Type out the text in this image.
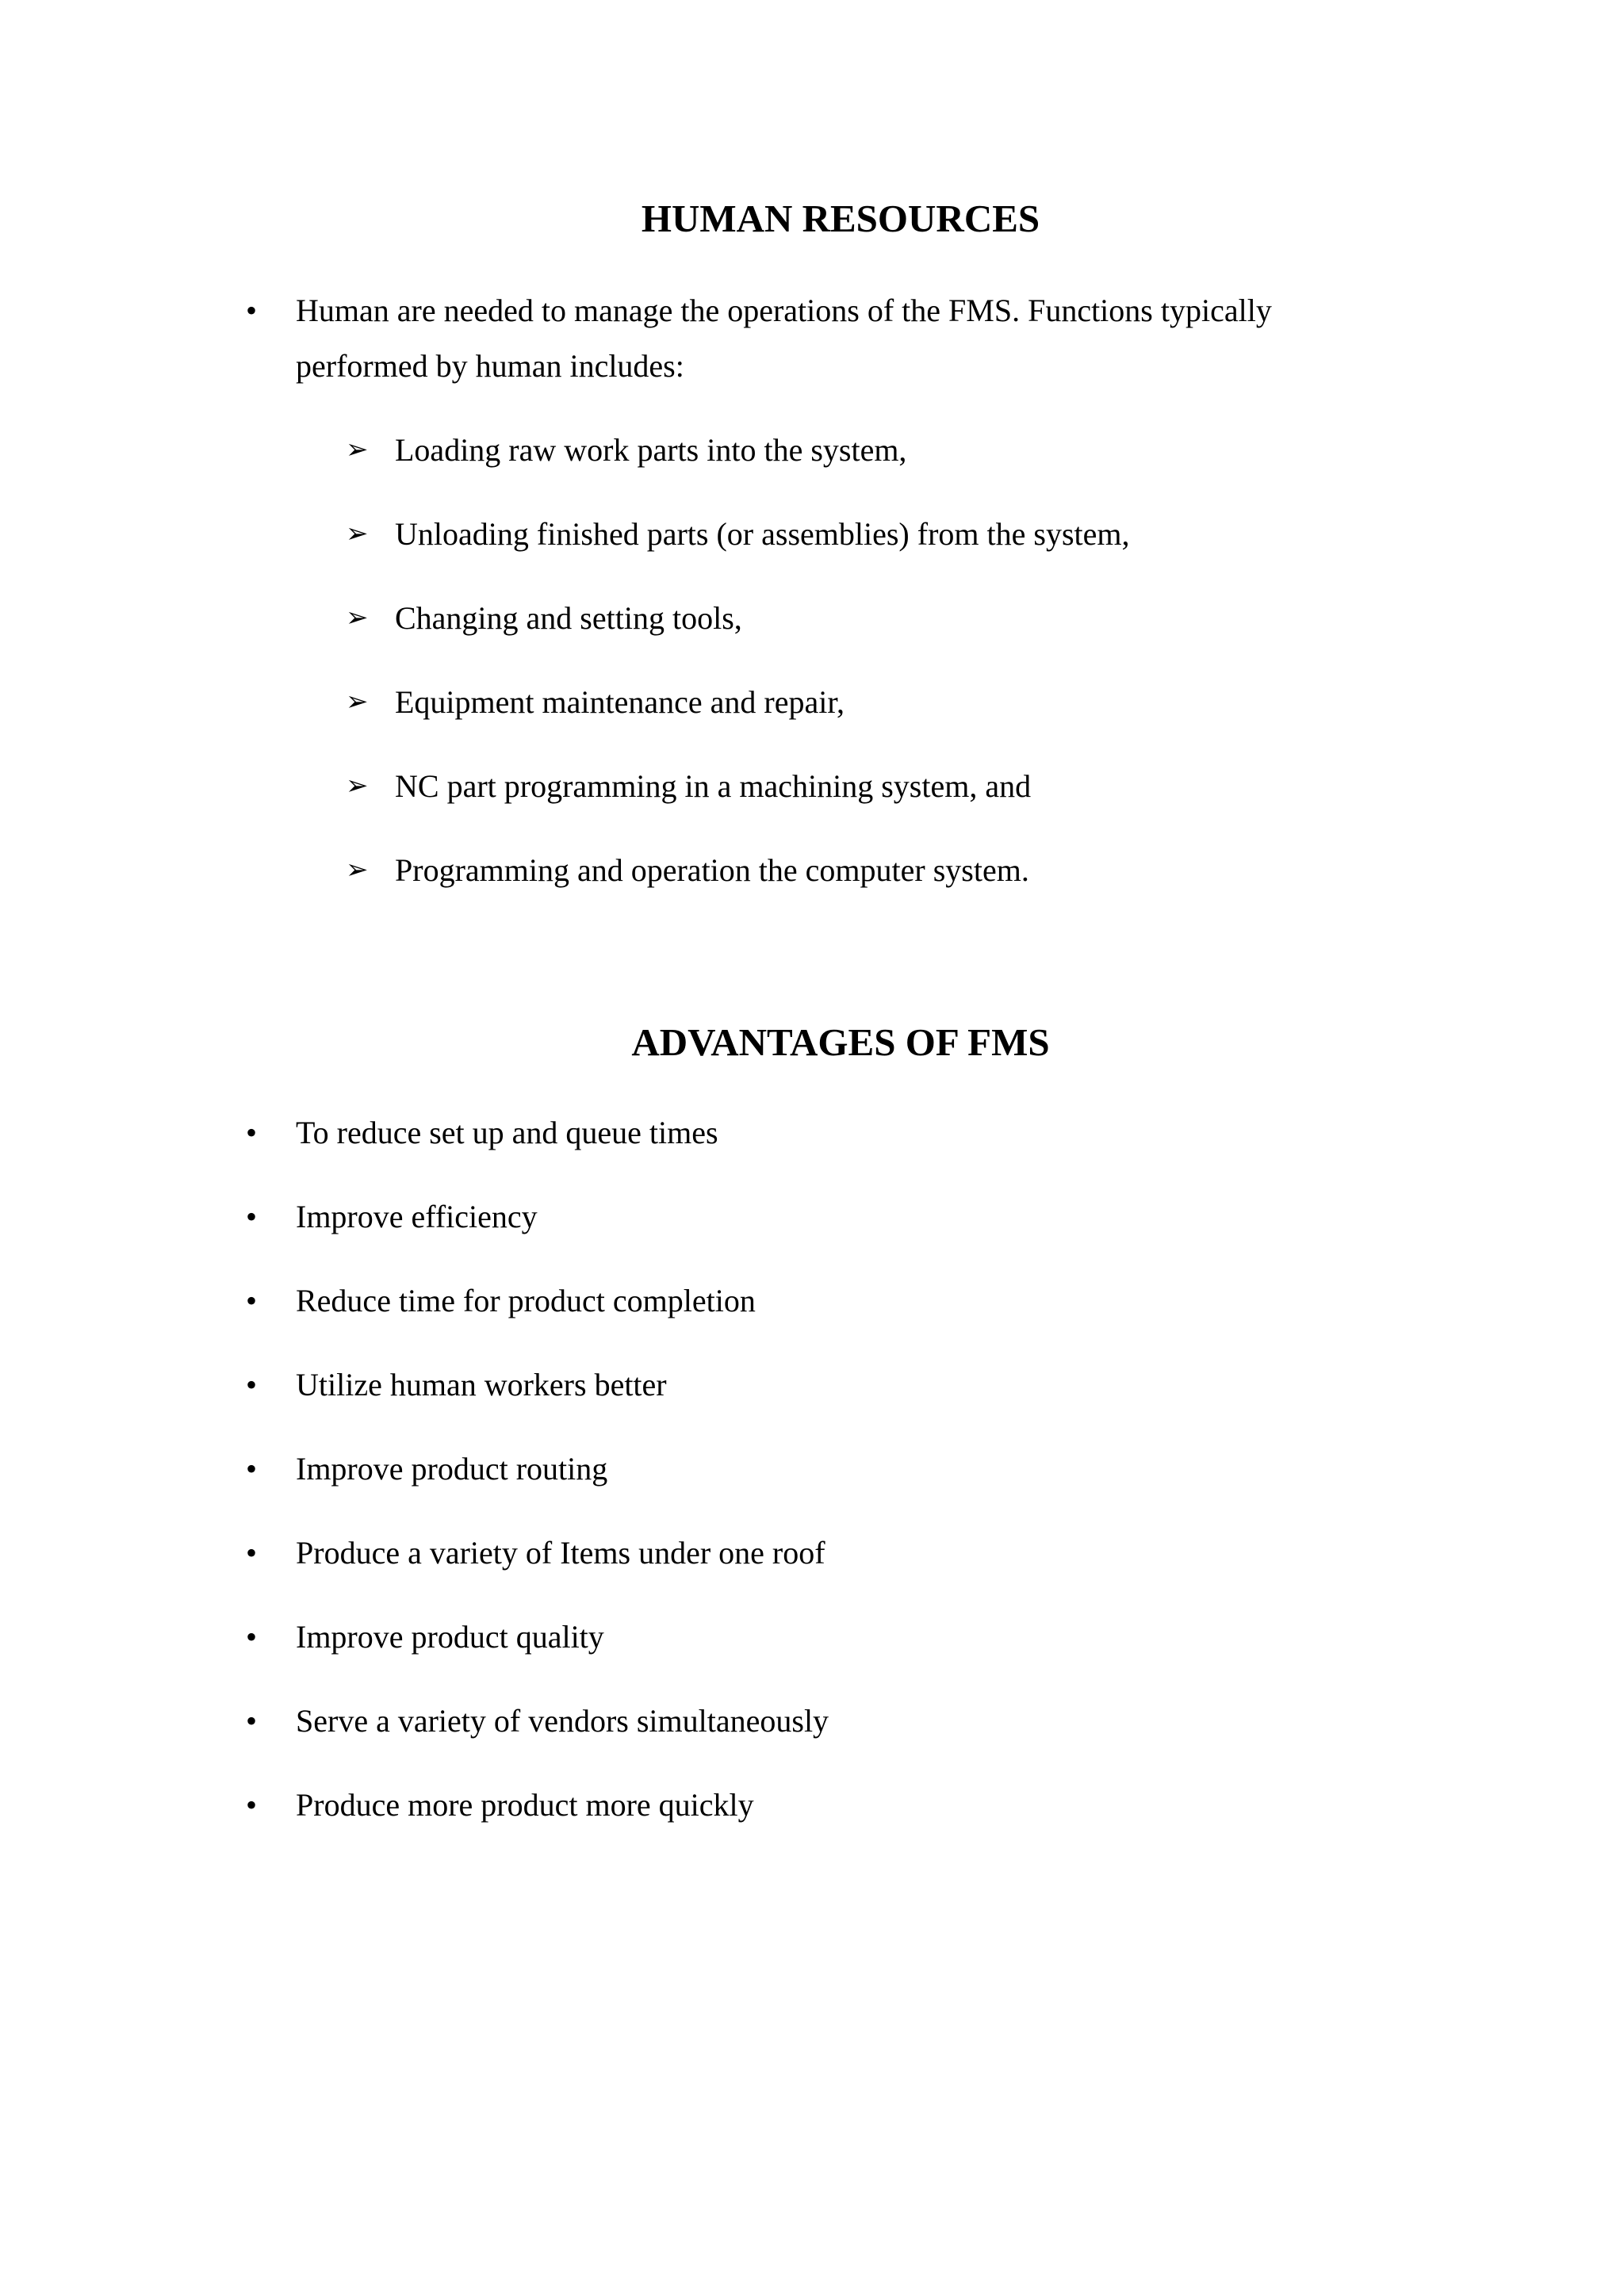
HUMAN RESOURCES
• Human are needed to manage the operations of the FMS. Functions typically
performed by human includes:
➢ Loading raw work parts into the system,
➢ Unloading finished parts (or assemblies) from the system,
➢ Changing and setting tools,
➢ Equipment maintenance and repair,
➢ NC part programming in a machining system, and
➢ Programming and operation the computer system.
ADVANTAGES OF FMS
• To reduce set up and queue times
• Improve efficiency
• Reduce time for product completion
• Utilize human workers better
• Improve product routing
• Produce a variety of Items under one roof
• Improve product quality
• Serve a variety of vendors simultaneously
• Produce more product more quickly
